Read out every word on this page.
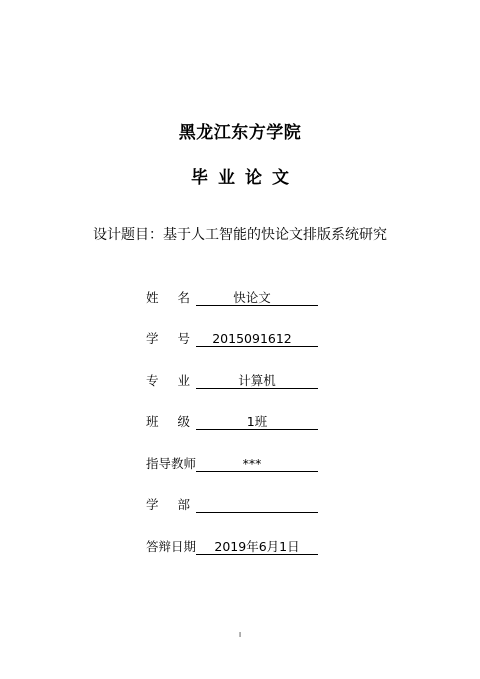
黑龙江东方学院
毕业论文
设计题目：基于人工智能的快论文排版系统研究
姓 名	快论文
学 号	2015091612
专 业	计算机
班 级	1班
指导教师	***
学 部
答辩日期	2019年6月1日
I
